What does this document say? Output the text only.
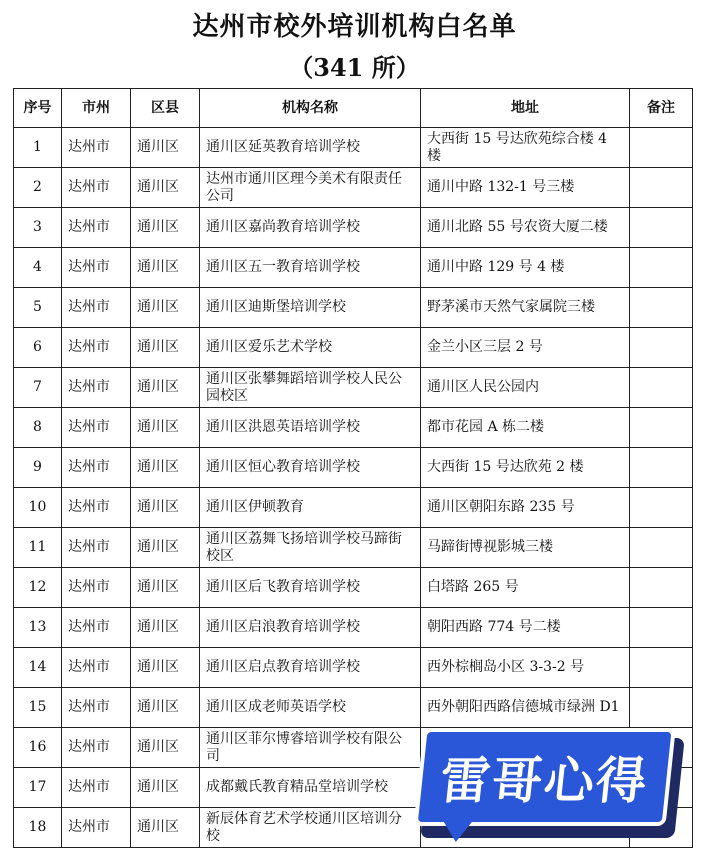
达州市校外培训机构白名单
（341 所）
序号	市州	区县	机构名称	地址	备注
1	达州市	通川区	通川区延英教育培训学校	大西街 15 号达欣苑综合楼 4 楼	
2	达州市	通川区	达州市通川区理今美术有限责任公司	通川中路 132-1 号三楼	
3	达州市	通川区	通川区嘉尚教育培训学校	通川北路 55 号农资大厦二楼	
4	达州市	通川区	通川区五一教育培训学校	通川中路 129 号 4 楼	
5	达州市	通川区	通川区迪斯堡培训学校	野茅溪市天然气家属院三楼	
6	达州市	通川区	通川区爱乐艺术学校	金兰小区三层 2 号	
7	达州市	通川区	通川区张攀舞蹈培训学校人民公园校区	通川区人民公园内	
8	达州市	通川区	通川区洪恩英语培训学校	都市花园 A 栋二楼	
9	达州市	通川区	通川区恒心教育培训学校	大西街 15 号达欣苑 2 楼	
10	达州市	通川区	通川区伊顿教育	通川区朝阳东路 235 号	
11	达州市	通川区	通川区荔舞飞扬培训学校马蹄街校区	马蹄街博视影城三楼	
12	达州市	通川区	通川区后飞教育培训学校	白塔路 265 号	
13	达州市	通川区	通川区启浪教育培训学校	朝阳西路 774 号二楼	
14	达州市	通川区	通川区启点教育培训学校	西外棕榈岛小区 3-3-2 号	
15	达州市	通川区	通川区成老师英语学校	西外朝阳西路信德城市绿洲 D1	
16	达州市	通川区	通川区菲尔博睿培训学校有限公司		
17	达州市	通川区	成都戴氏教育精品堂培训学校		
18	达州市	通川区	新辰体育艺术学校通川区培训分校		
雷哥心得
